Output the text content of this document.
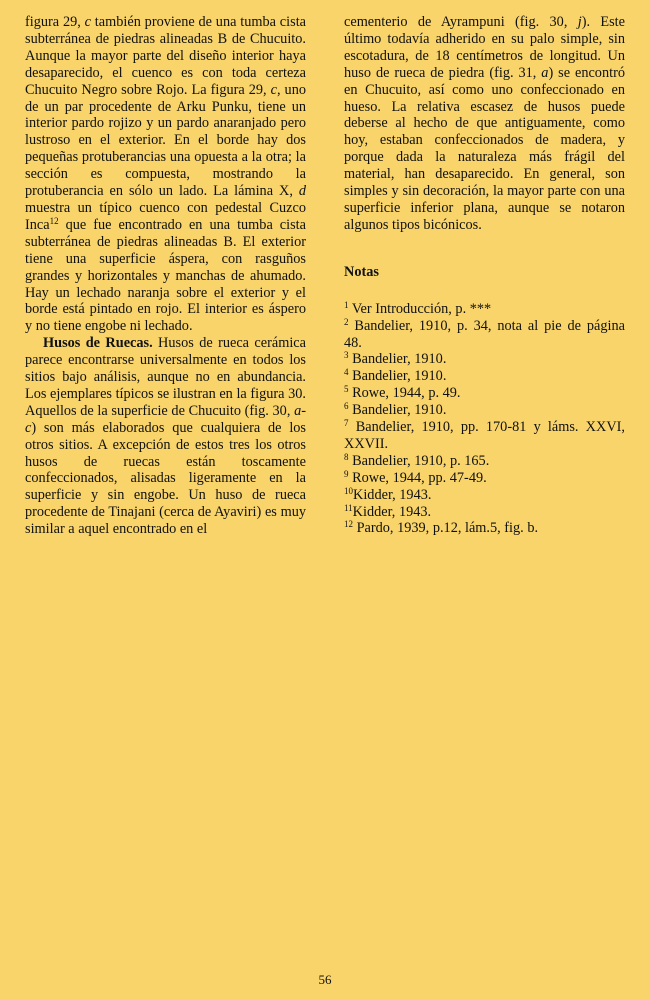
figura 29, c también proviene de una tumba cista subterránea de piedras alineadas B de Chucuito. Aunque la mayor parte del diseño interior haya desaparecido, el cuenco es con toda certeza Chucuito Negro sobre Rojo. La figura 29, c, uno de un par procedente de Arku Punku, tiene un interior pardo rojizo y un pardo anaranjado pero lustroso en el exterior. En el borde hay dos pequeñas protuberancias una opuesta a la otra; la sección es compuesta, mostrando la protuberancia en sólo un lado. La lámina X, d muestra un típico cuenco con pedestal Cuzco Inca$^{12}$ que fue encontrado en una tumba cista subterránea de piedras alineadas B. El exterior tiene una superficie áspera, con rasguños grandes y horizontales y manchas de ahumado. Hay un lechado naranja sobre el exterior y el borde está pintado en rojo. El interior es áspero y no tiene engobe ni lechado.

Husos de Ruecas. Husos de rueca cerámica parece encontrarse universalmente en todos los sitios bajo análisis, aunque no en abundancia. Los ejemplares típicos se ilustran en la figura 30. Aquellos de la superficie de Chucuito (fig. 30, a-c) son más elaborados que cualquiera de los otros sitios. A excepción de estos tres los otros husos de ruecas están toscamente confeccionados, alisadas ligeramente en la superficie y sin engobe. Un huso de rueca procedente de Tinajani (cerca de Ayaviri) es muy similar a aquel encontrado en el

cementerio de Ayrampuni (fig. 30, j). Este último todavía adherido en su palo simple, sin escotadura, de 18 centímetros de longitud. Un huso de rueca de piedra (fig. 31, a) se encontró en Chucuito, así como uno confeccionado en hueso. La relativa escasez de husos puede deberse al hecho de que antiguamente, como hoy, estaban confeccionados de madera, y porque dada la naturaleza más frágil del material, han desaparecido. En general, son simples y sin decoración, la mayor parte con una superficie inferior plana, aunque se notaron algunos tipos bicónicos.

Notas

$^1$ Ver Introducción, p. ***

$^2$ Bandelier, 1910, p. 34, nota al pie de página 48.

$^3$ Bandelier, 1910.

$^4$ Bandelier, 1910.

$^5$ Rowe, 1944, p. 49.

$^6$ Bandelier, 1910.

$^7$ Bandelier, 1910, pp. 170-81 y láms. XXVI, XXVII.

$^8$ Bandelier, 1910, p. 165.

$^9$ Rowe, 1944, pp. 47-49.

$^{10}$Kidder, 1943.

$^{11}$Kidder, 1943.

$^{12}$ Pardo, 1939, p.12, lám.5, fig. b.

56
